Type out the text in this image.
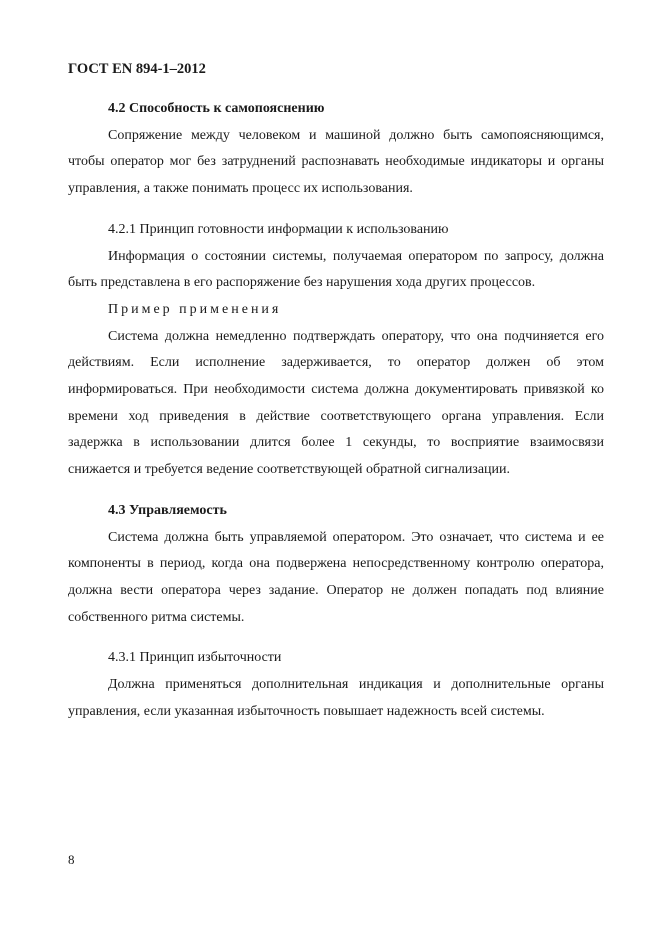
ГОСТ EN 894-1–2012

4.2 Способность к самопояснению

Сопряжение между человеком и машиной должно быть самопоясняющимся, чтобы оператор мог без затруднений распознавать необходимые индикаторы и органы управления, а также понимать процесс их использования.

4.2.1 Принцип готовности информации к использованию

Информация о состоянии системы, получаемая оператором по запросу, должна быть представлена в его распоряжение без нарушения хода других процессов.

Пример применения

Система должна немедленно подтверждать оператору, что она подчиняется его действиям. Если исполнение задерживается, то оператор должен об этом информироваться. При необходимости система должна документировать привязкой ко времени ход приведения в действие соответствующего органа управления. Если задержка в использовании длится более 1 секунды, то восприятие взаимосвязи снижается и требуется ведение соответствующей обратной сигнализации.

4.3 Управляемость

Система должна быть управляемой оператором. Это означает, что система и ее компоненты в период, когда она подвержена непосредственному контролю оператора, должна вести оператора через задание. Оператор не должен попадать под влияние собственного ритма системы.

4.3.1 Принцип избыточности

Должна применяться дополнительная индикация и дополнительные органы управления, если указанная избыточность повышает надежность всей системы.

8
